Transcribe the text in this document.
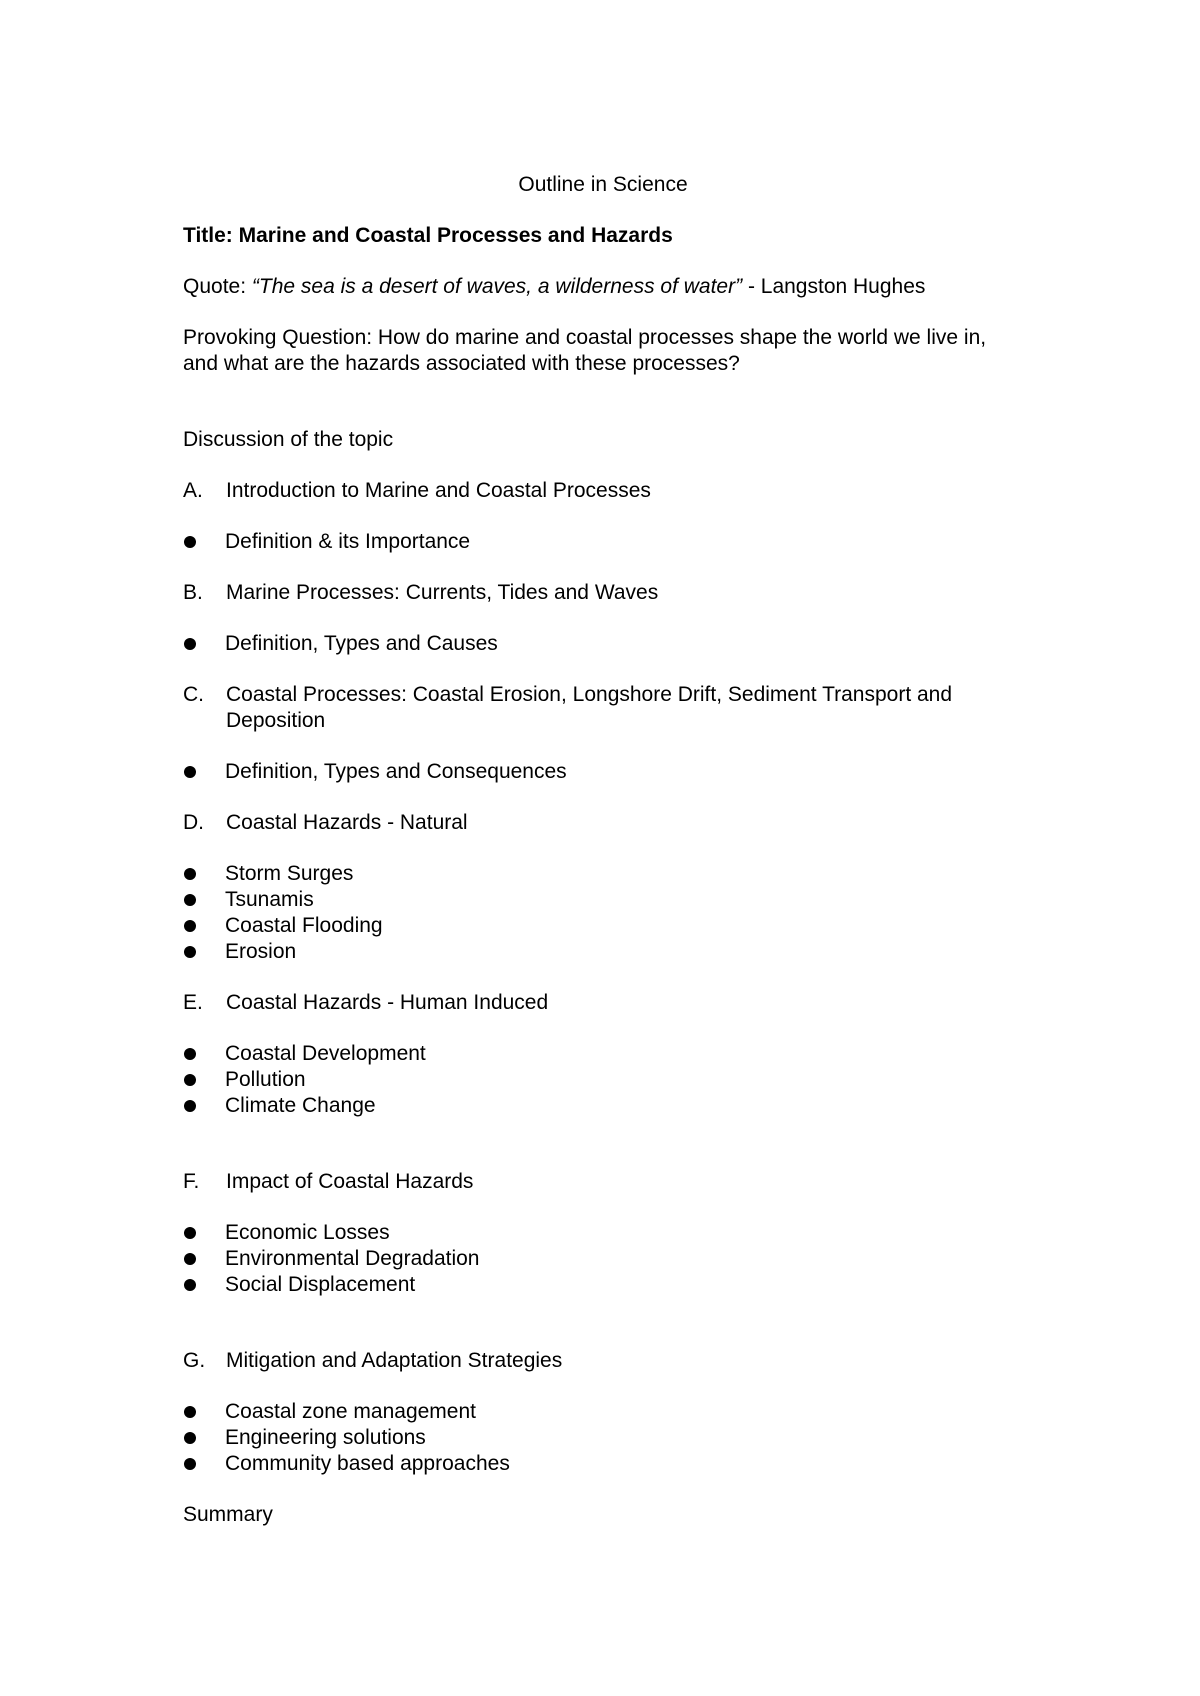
Outline in Science

Title: Marine and Coastal Processes and Hazards

Quote: “The sea is a desert of waves, a wilderness of water” - Langston Hughes

Provoking Question: How do marine and coastal processes shape the world we live in, and what are the hazards associated with these processes?

Discussion of the topic

A.	Introduction to Marine and Coastal Processes
Definition & its Importance
B.	Marine Processes: Currents, Tides and Waves
Definition, Types and Causes
C.	Coastal Processes: Coastal Erosion, Longshore Drift, Sediment Transport and Deposition
Definition, Types and Consequences
D.	Coastal Hazards - Natural
Storm Surges
Tsunamis
Coastal Flooding
Erosion
E.	Coastal Hazards - Human Induced
Coastal Development
Pollution
Climate Change
F.	Impact of Coastal Hazards
Economic Losses
Environmental Degradation
Social Displacement
G. Mitigation and Adaptation Strategies
Coastal zone management
Engineering solutions
Community based approaches

Summary
